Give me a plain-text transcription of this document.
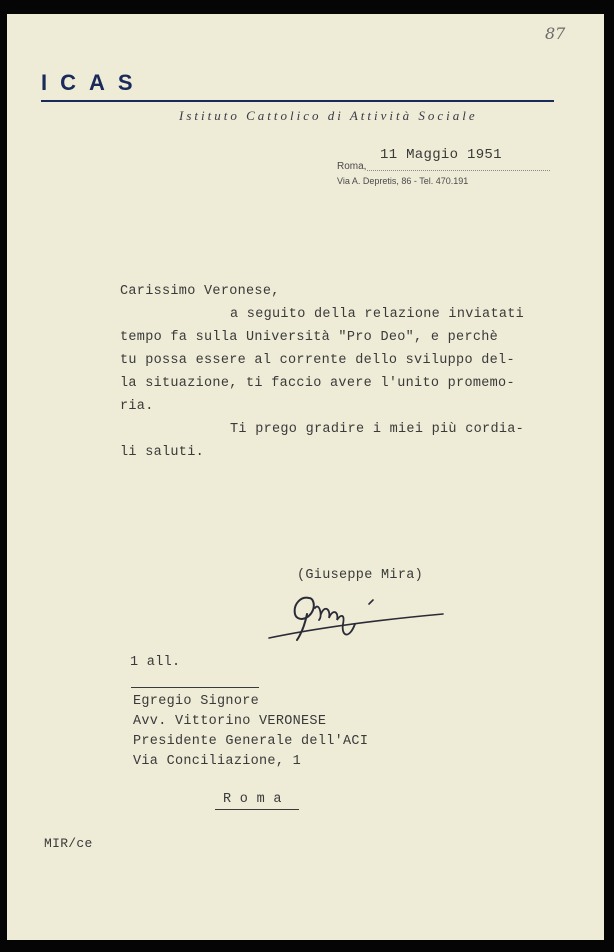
87
ICAS
Istituto Cattolico di Attività Sociale
Roma,
11 Maggio 1951
Via A. Depretis, 86 - Tel. 470.191
Carissimo Veronese,
a seguito della relazione inviatati
tempo fa sulla Università "Pro Deo", e perchè
tu possa essere al corrente dello sviluppo del-
la situazione, ti faccio avere l'unito promemo-
ria.
Ti prego gradire i miei più cordia-
li saluti.
(Giuseppe Mira)
1 all.
Egregio Signore
Avv. Vittorino VERONESE
Presidente Generale dell'ACI
Via Conciliazione, 1
R o m a
MIR/ce
